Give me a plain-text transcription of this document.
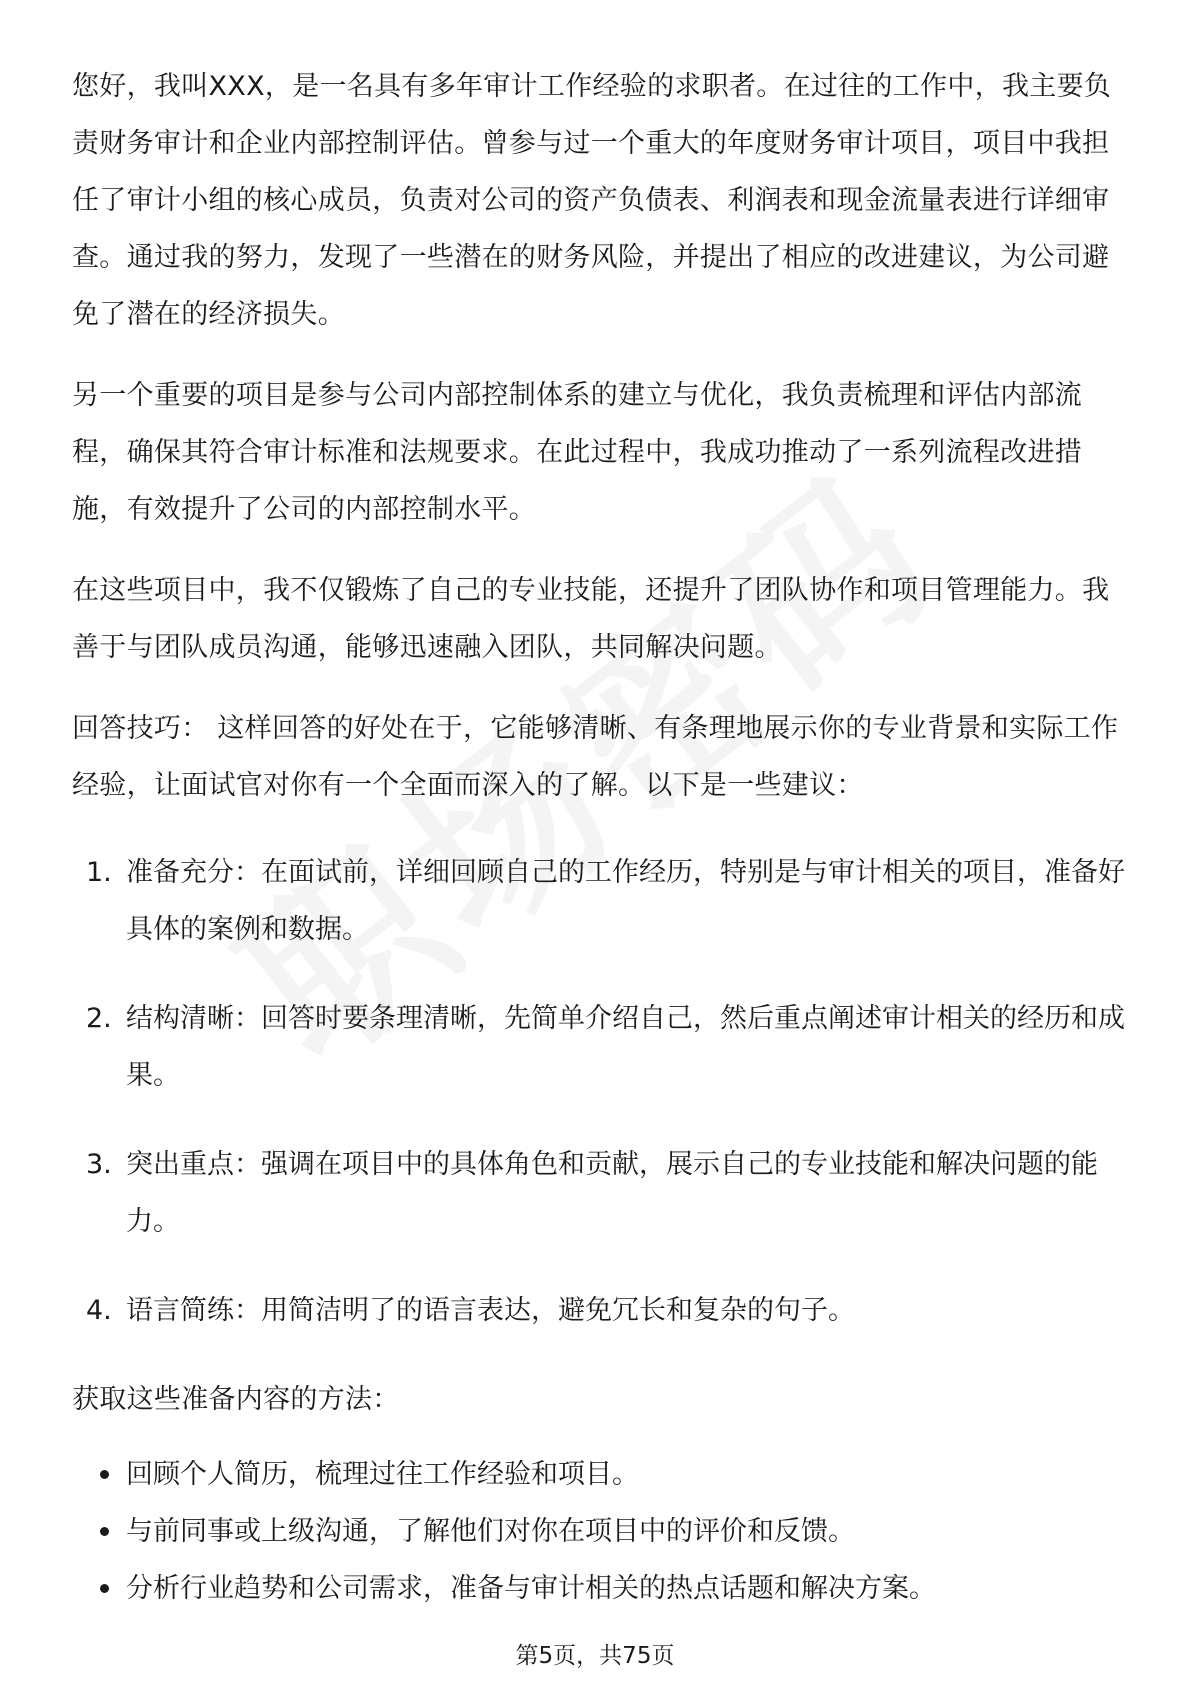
您好，我叫XXX，是一名具有多年审计工作经验的求职者。在过往的工作中，我主要负责财务审计和企业内部控制评估。曾参与过一个重大的年度财务审计项目，项目中我担任了审计小组的核心成员，负责对公司的资产负债表、利润表和现金流量表进行详细审查。通过我的努力，发现了一些潜在的财务风险，并提出了相应的改进建议，为公司避免了潜在的经济损失。

另一个重要的项目是参与公司内部控制体系的建立与优化，我负责梳理和评估内部流程，确保其符合审计标准和法规要求。在此过程中，我成功推动了一系列流程改进措施，有效提升了公司的内部控制水平。

在这些项目中，我不仅锻炼了自己的专业技能，还提升了团队协作和项目管理能力。我善于与团队成员沟通，能够迅速融入团队，共同解决问题。

回答技巧： 这样回答的好处在于，它能够清晰、有条理地展示你的专业背景和实际工作经验，让面试官对你有一个全面而深入的了解。以下是一些建议：

1. 准备充分：在面试前，详细回顾自己的工作经历，特别是与审计相关的项目，准备好具体的案例和数据。
2. 结构清晰：回答时要条理清晰，先简单介绍自己，然后重点阐述审计相关的经历和成果。
3. 突出重点：强调在项目中的具体角色和贡献，展示自己的专业技能和解决问题的能力。
4. 语言简练：用简洁明了的语言表达，避免冗长和复杂的句子。

获取这些准备内容的方法：

回顾个人简历，梳理过往工作经验和项目。
与前同事或上级沟通，了解他们对你在项目中的评价和反馈。
分析行业趋势和公司需求，准备与审计相关的热点话题和解决方案。
第5页，共75页
